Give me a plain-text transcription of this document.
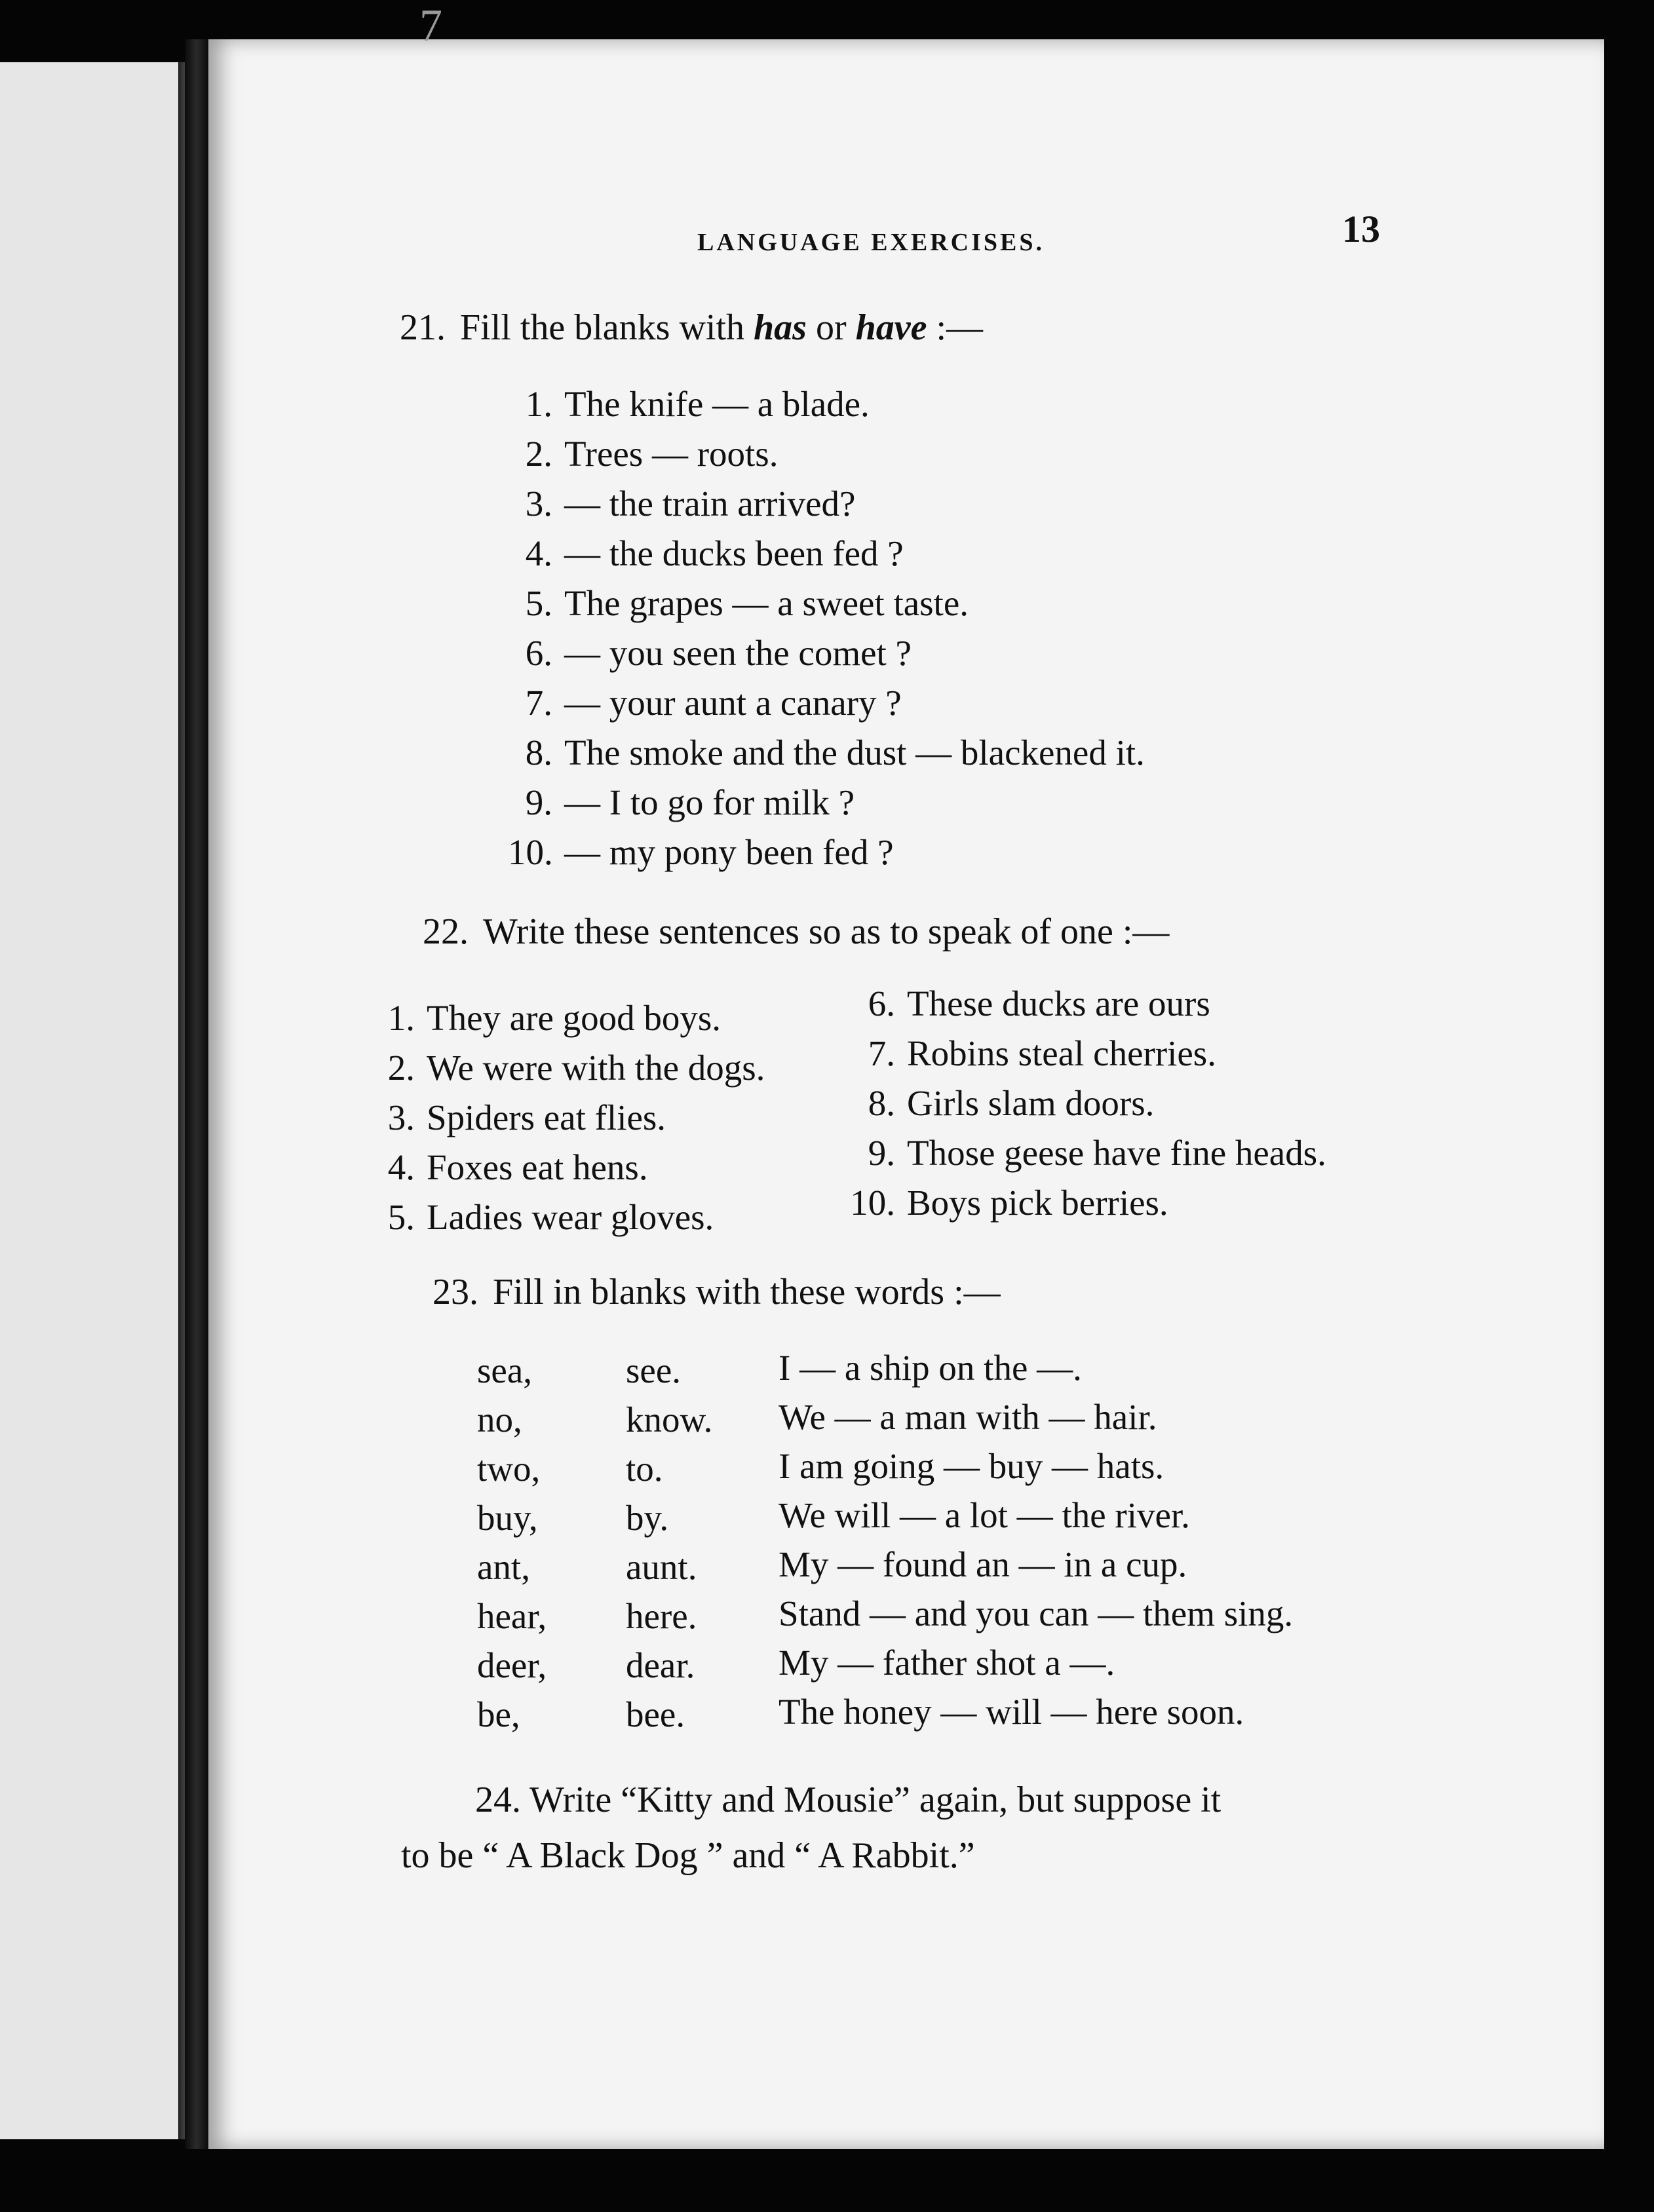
7
LANGUAGE EXERCISES.	13
21. Fill the blanks with has or have :—
1. The knife — a blade.
2. Trees — roots.
3. — the train arrived?
4. — the ducks been fed ?
5. The grapes — a sweet taste.
6. — you seen the comet ?
7. — your aunt a canary ?
8. The smoke and the dust — blackened it.
9. — I to go for milk ?
10. — my pony been fed ?
22. Write these sentences so as to speak of one :—
1. They are good boys.
2. We were with the dogs.
3. Spiders eat flies.
4. Foxes eat hens.
5. Ladies wear gloves.
6. These ducks are ours
7. Robins steal cherries.
8. Girls slam doors.
9. Those geese have fine heads.
10. Boys pick berries.
23. Fill in blanks with these words :—
sea,	see.	I — a ship on the —.
no,	know. We — a man with — hair.
two, to.	I am going — buy — hats.
buy, by.	We will — a lot — the river.
ant,	aunt. My — found an — in a cup.
hear, here. Stand — and you can — them sing.
deer, dear. My — father shot a —.
be,	bee.	The honey — will — here soon.
24. Write “Kitty and Mousie” again, but suppose it
to be “ A Black Dog ” and “ A Rabbit.”
